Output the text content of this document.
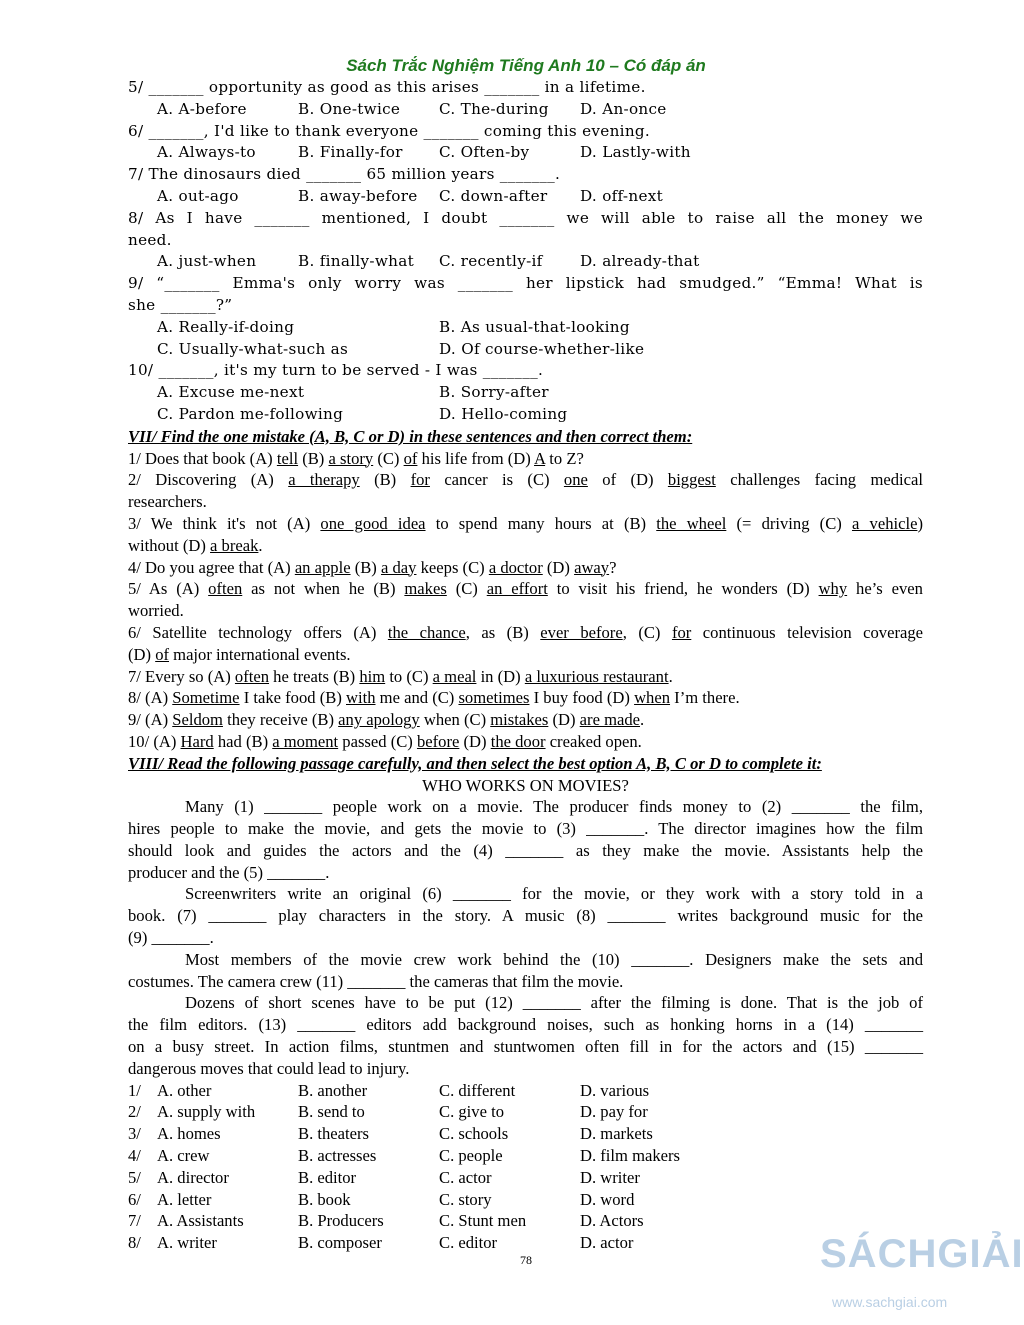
Sách Trắc Nghiệm Tiếng Anh 10 – Có đáp án
5/ _______ opportunity as good as this arises _______ in a lifetime.
A. A-before	B. One-twice	C. The-during D. An-once
6/ _______, I'd like to thank everyone _______ coming this evening.
A. Always-to	B. Finally-for C. Often-by	D. Lastly-with
7/ The dinosaurs died _______ 65 million years _______.
A. out-ago	B. away-before C. down-after D. off-next
8/ As I have _______ mentioned, I doubt _______ we will able to raise all the money we
need.
A. just-when	B. finally-what C. recently-if D. already-that
9/ “_______ Emma's only worry was _______ her lipstick had smudged.” “Emma! What is
she _______?”
A. Really-if-doing	B. As usual-that-looking
C. Usually-what-such as	D. Of course-whether-like
10/ _______, it's my turn to be served - I was _______.
A. Excuse me-next	B. Sorry-after
C. Pardon me-following	D. Hello-coming
VII/ Find the one mistake (A, B, C or D) in these sentences and then correct them:
1/ Does that book (A) tell (B) a story (C) of his life from (D) A to Z?
2/ Discovering (A) a therapy (B) for cancer is (C) one of (D) biggest challenges facing medical
researchers.
3/ We think it's not (A) one good idea to spend many hours at (B) the wheel (= driving (C) a vehicle)
without (D) a break.
4/ Do you agree that (A) an apple (B) a day keeps (C) a doctor (D) away?
5/ As (A) often as not when he (B) makes (C) an effort to visit his friend, he wonders (D) why he’s even
worried.
6/ Satellite technology offers (A) the chance, as (B) ever before, (C) for continuous television coverage
(D) of major international events.
7/ Every so (A) often he treats (B) him to (C) a meal in (D) a luxurious restaurant.
8/ (A) Sometime I take food (B) with me and (C) sometimes I buy food (D) when I’m there.
9/ (A) Seldom they receive (B) any apology when (C) mistakes (D) are made.
10/ (A) Hard had (B) a moment passed (C) before (D) the door creaked open.
VIII/ Read the following passage carefully, and then select the best option A, B, C or D to complete it:
WHO WORKS ON MOVIES?
Many (1) _______ people work on a movie. The producer finds money to (2) _______ the film,
hires people to make the movie, and gets the movie to (3) _______. The director imagines how the film
should look and guides the actors and the (4) _______ as they make the movie. Assistants help the
producer and the (5) _______.
Screenwriters write an original (6) _______ for the movie, or they work with a story told in a
book. (7) _______ play characters in the story. A music (8) _______ writes background music for the
(9) _______.
Most members of the movie crew work behind the (10) _______. Designers make the sets and
costumes. The camera crew (11) _______ the cameras that film the movie.
Dozens of short scenes have to be put (12) _______ after the filming is done. That is the job of
the film editors. (13) _______ editors add background noises, such as honking horns in a (14) _______
on a busy street. In action films, stuntmen and stuntwomen often fill in for the actors and (15) _______
dangerous moves that could lead to injury.
1/ A. other	B. another	C. different	D. various
2/ A. supply with	B. send to	C. give to	D. pay for
3/ A. homes	B. theaters	C. schools	D. markets
4/ A. crew	B. actresses	C. people	D. film makers
5/ A. director	B. editor	C. actor	D. writer
6/ A. letter	B. book	C. story	D. word
7/ A. Assistants	B. Producers	C. Stunt men	D. Actors
8/ A. writer	B. composer	C. editor	D. actor
78	SÁCHGIẢI
www.sachgiai.com
